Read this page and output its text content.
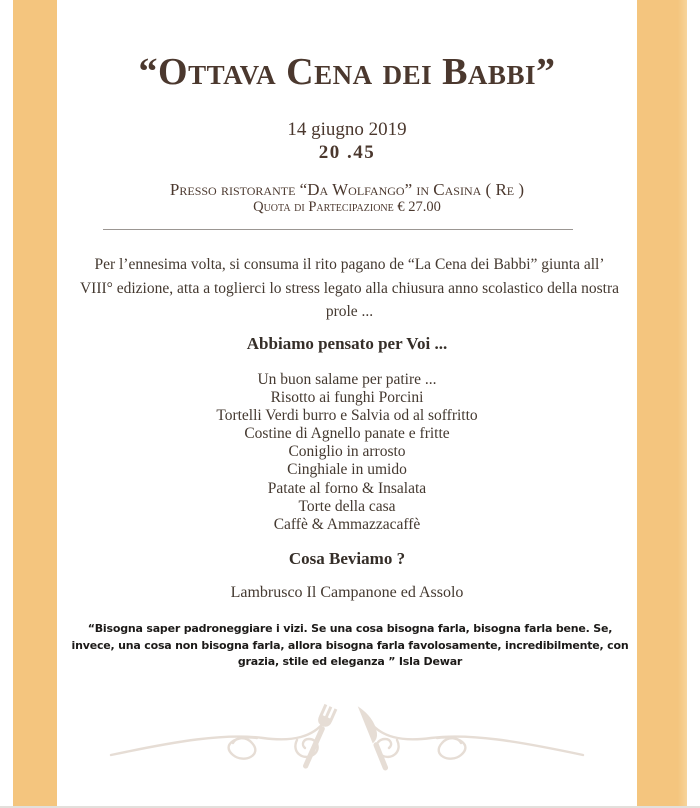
“Ottava Cena dei Babbi”
14 giugno 2019
20 .45
Presso ristorante “Da Wolfango” in Casina ( Re )
Quota di Partecipazione € 27.00

Per l’ennesima volta, si consuma il rito pagano de “La Cena dei Babbi” giunta all’ VIII° edizione, atta a toglierci lo stress legato alla chiusura anno scolastico della nostra prole ...

Abbiamo pensato per Voi ...
Un buon salame per patire ...
Risotto ai funghi Porcini
Tortelli Verdi burro e Salvia od al soffritto
Costine di Agnello panate e fritte
Coniglio in arrosto
Cinghiale in umido
Patate al forno & Insalata
Torte della casa
Caffè & Ammazzacaffè
Cosa Beviamo ?
Lambrusco Il Campanone ed Assolo

“Bisogna saper padroneggiare i vizi. Se una cosa bisogna farla, bisogna farla bene. Se, invece, una cosa non bisogna farla, allora bisogna farla favolosamente, incredibilmente, con grazia, stile ed eleganza ” Isla Dewar
